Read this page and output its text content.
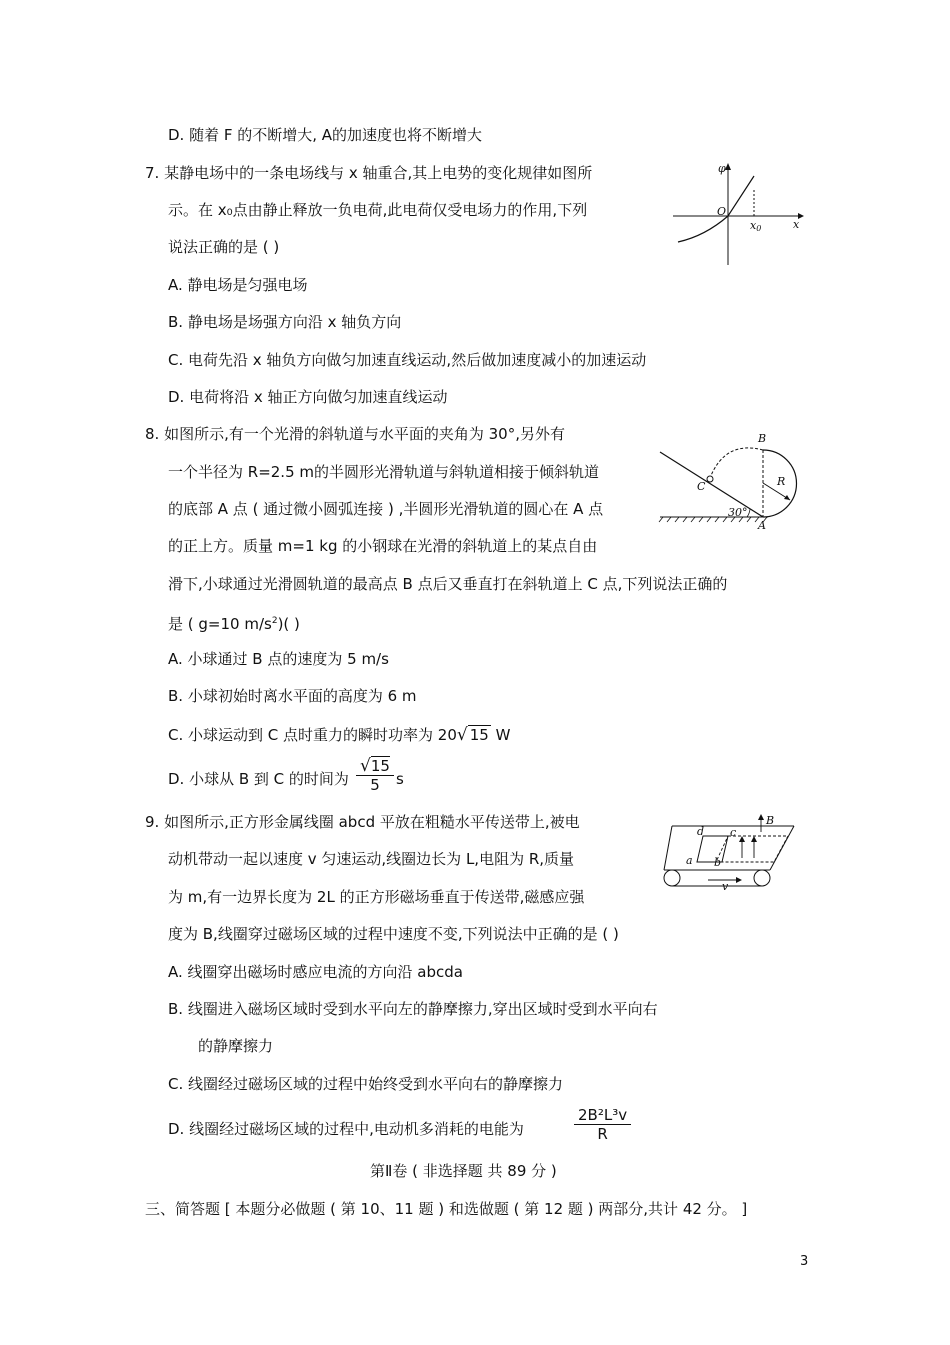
D. 随着 F 的不断增大, A的加速度也将不断增大
7. 某静电场中的一条电场线与 x 轴重合,其上电势的变化规律如图所
示。在 x₀点由静止释放一负电荷,此电荷仅受电场力的作用,下列
说法正确的是 ( )
A. 静电场是匀强电场
B. 静电场是场强方向沿 x 轴负方向
C. 电荷先沿 x 轴负方向做匀加速直线运动,然后做加速度减小的加速运动
D. 电荷将沿 x 轴正方向做匀加速直线运动
φ
O
x0	x
8. 如图所示,有一个光滑的斜轨道与水平面的夹角为 30°,另外有
一个半径为 R=2.5 m的半圆形光滑轨道与斜轨道相接于倾斜轨道
的底部 A 点 ( 通过微小圆弧连接 ) ,半圆形光滑轨道的圆心在 A 点
的正上方。质量 m=1 kg 的小钢球在光滑的斜轨道上的某点自由
滑下,小球通过光滑圆轨道的最高点 B 点后又垂直打在斜轨道上 C 点,下列说法正确的
是 ( g=10 $m/s^2$)( )
A. 小球通过 B 点的速度为 5 m/s
B. 小球初始时离水平面的高度为 6 m
C. 小球运动到 C 点时重力的瞬时功率为 20√ 15 W
D. 小球从 B 到 C 的时间为 $\frac{√15}{5}$ s
B
C	R
30°
A
9. 如图所示,正方形金属线圈 abcd 平放在粗糙水平传送带上,被电
动机带动一起以速度 v 匀速运动,线圈边长为 L,电阻为 R,质量
为 m,有一边界长度为 2L 的正方形磁场垂直于传送带,磁感应强
度为 B,线圈穿过磁场区域的过程中速度不变,下列说法中正确的是 ( )
A. 线圈穿出磁场时感应电流的方向沿 abcda
B. 线圈进入磁场区域时受到水平向左的静摩擦力,穿出区域时受到水平向右
的静摩擦力
C. 线圈经过磁场区域的过程中始终受到水平向右的静摩擦力
D. 线圈经过磁场区域的过程中,电动机多消耗的电能为	$\frac{\text{2B²L³v}}{R}$
B
d c
a b
v
第Ⅱ卷 ( 非选择题 共 89 分 )
三、简答题 [ 本题分必做题 ( 第 10、11 题 ) 和选做题 ( 第 12 题 ) 两部分,共计 42 分。 ]
3
